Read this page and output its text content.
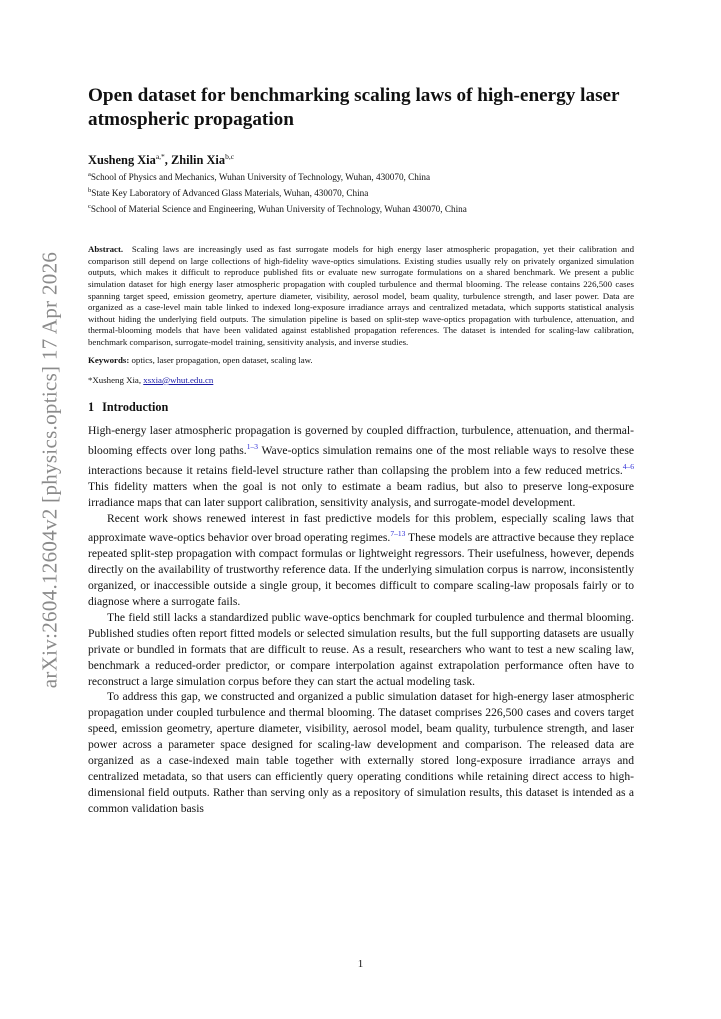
arXiv:2604.12604v2 [physics.optics] 17 Apr 2026
Open dataset for benchmarking scaling laws of high-energy laser atmospheric propagation
Xusheng Xia$^{a,*}$, Zhilin Xia$^{b,c}$
$^a$School of Physics and Mechanics, Wuhan University of Technology, Wuhan, 430070, China
$^b$State Key Laboratory of Advanced Glass Materials, Wuhan, 430070, China
$^c$School of Material Science and Engineering, Wuhan University of Technology, Wuhan 430070, China
Abstract. Scaling laws are increasingly used as fast surrogate models for high energy laser atmospheric propagation, yet their calibration and comparison still depend on large collections of high-fidelity wave-optics simulations. Existing studies usually rely on privately organized simulation outputs, which makes it difficult to reproduce published fits or evaluate new surrogate formulations on a shared benchmark. We present a public simulation dataset for high energy laser atmospheric propagation with coupled turbulence and thermal blooming. The release contains 226,500 cases spanning target speed, emission geometry, aperture diameter, visibility, aerosol model, beam quality, turbulence strength, and laser power. Data are organized as a case-level main table linked to indexed long-exposure irradiance arrays and centralized metadata, which supports statistical analysis without hiding the underlying field outputs. The simulation pipeline is based on split-step wave-optics propagation with turbulence, attenuation, and thermal-blooming models that have been validated against established propagation references. The dataset is intended for scaling-law calibration, benchmark comparison, surrogate-model training, sensitivity analysis, and inverse studies.
Keywords: optics, laser propagation, open dataset, scaling law.
*Xusheng Xia, xsxia@whut.edu.cn
1 Introduction

High-energy laser atmospheric propagation is governed by coupled diffraction, turbulence, attenuation, and thermal-blooming effects over long paths.$^{1-3}$ Wave-optics simulation remains one of the most reliable ways to resolve these interactions because it retains field-level structure rather than collapsing the problem into a few reduced metrics.$^{4-6}$ This fidelity matters when the goal is not only to estimate a beam radius, but also to preserve long-exposure irradiance maps that can later support calibration, sensitivity analysis, and surrogate-model development.

Recent work shows renewed interest in fast predictive models for this problem, especially scaling laws that approximate wave-optics behavior over broad operating regimes.$^{7-13}$ These models are attractive because they replace repeated split-step propagation with compact formulas or lightweight regressors. Their usefulness, however, depends directly on the availability of trustworthy reference data. If the underlying simulation corpus is narrow, inconsistently organized, or inaccessible outside a single group, it becomes difficult to compare scaling-law proposals fairly or to diagnose where a surrogate fails.

The field still lacks a standardized public wave-optics benchmark for coupled turbulence and thermal blooming. Published studies often report fitted models or selected simulation results, but the full supporting datasets are usually private or bundled in formats that are difficult to reuse. As a result, researchers who want to test a new scaling law, benchmark a reduced-order predictor, or compare interpolation against extrapolation performance often have to reconstruct a large simulation corpus before they can start the actual modeling task.

To address this gap, we constructed and organized a public simulation dataset for high-energy laser atmospheric propagation under coupled turbulence and thermal blooming. The dataset comprises 226,500 cases and covers target speed, emission geometry, aperture diameter, visibility, aerosol model, beam quality, turbulence strength, and laser power across a parameter space designed for scaling-law development and comparison. The released data are organized as a case-indexed main table together with externally stored long-exposure irradiance arrays and centralized metadata, so that users can efficiently query operating conditions while retaining direct access to high-dimensional field outputs. Rather than serving only as a repository of simulation results, this dataset is intended as a common validation basis

1
